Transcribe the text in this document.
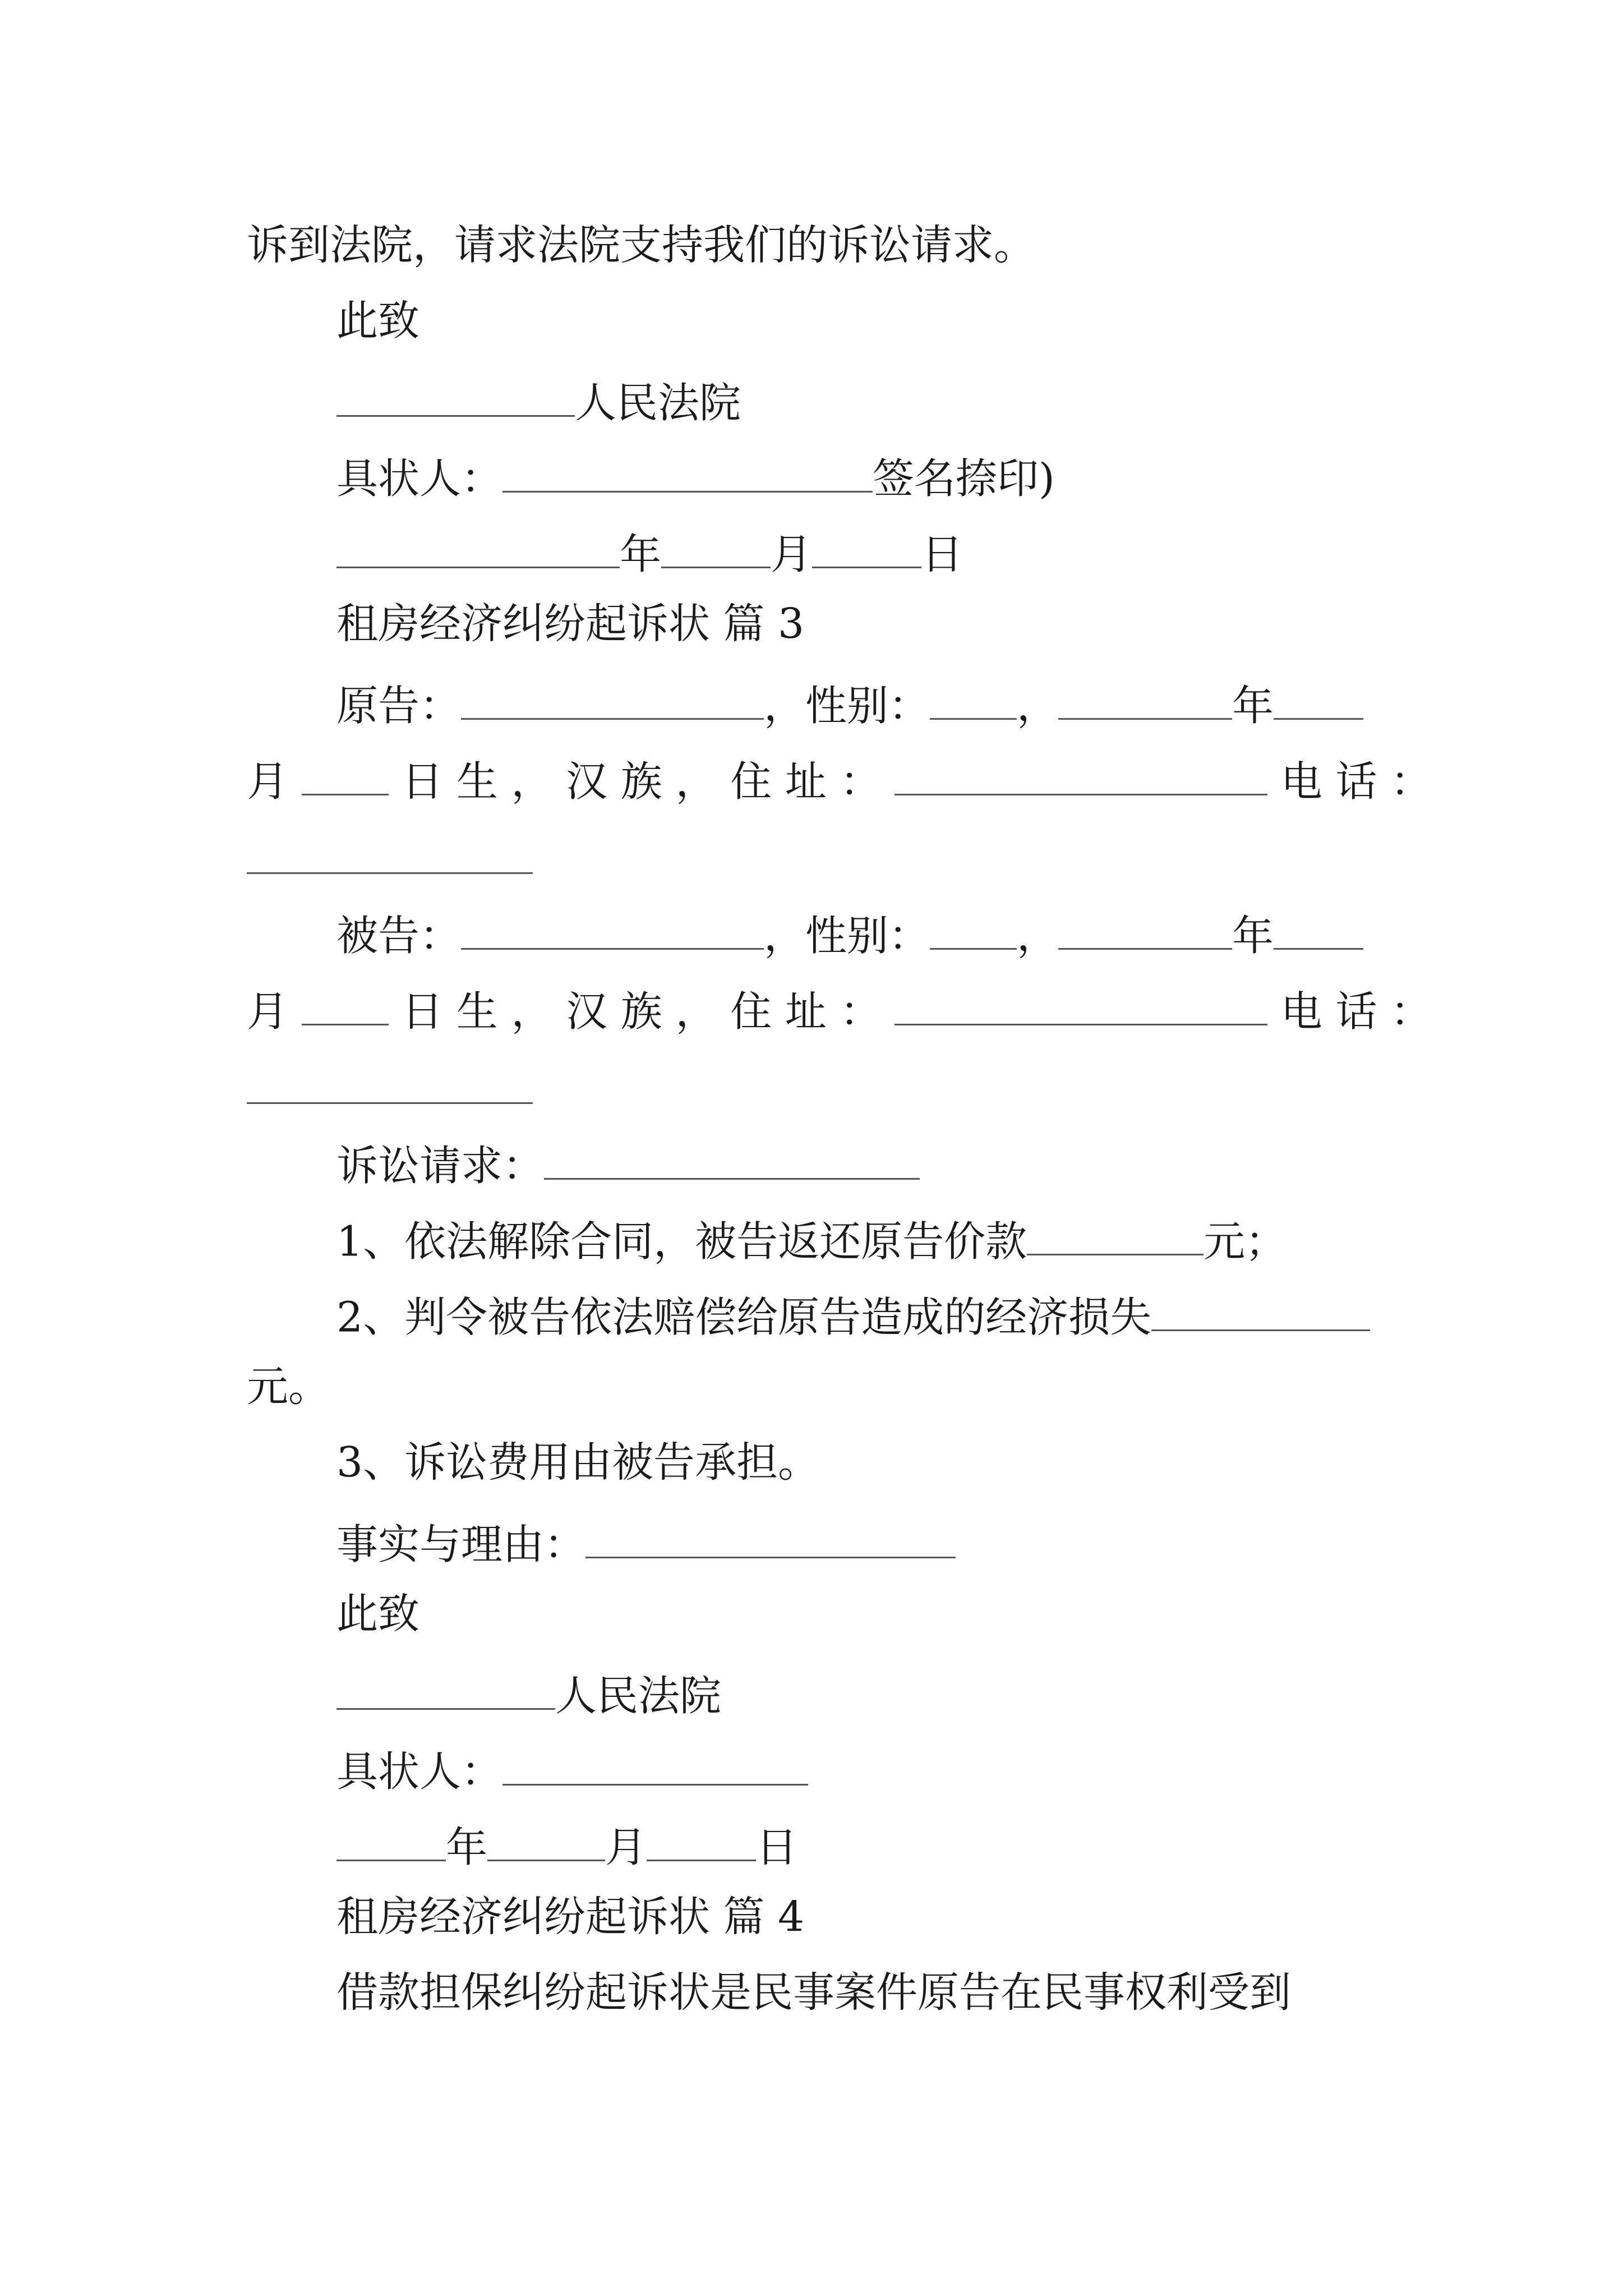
诉到法院，请求法院支持我们的诉讼请求。
此致
人民法院
具状人：	签名捺印)
年	月	日
租房经济纠纷起诉状 篇 3
原告：	，性别： ，	年
月	日生，汉族，住址：	电话：
被告：	，性别： ，	年
月	日生，汉族，住址：	电话：
诉讼请求：
1、依法解除合同，被告返还原告价款	元；
2、判令被告依法赔偿给原告造成的经济损失
元。
3、诉讼费用由被告承担。
事实与理由：
此致
人民法院
具状人：
年	月	日
租房经济纠纷起诉状 篇 4
借款担保纠纷起诉状是民事案件原告在民事权利受到
